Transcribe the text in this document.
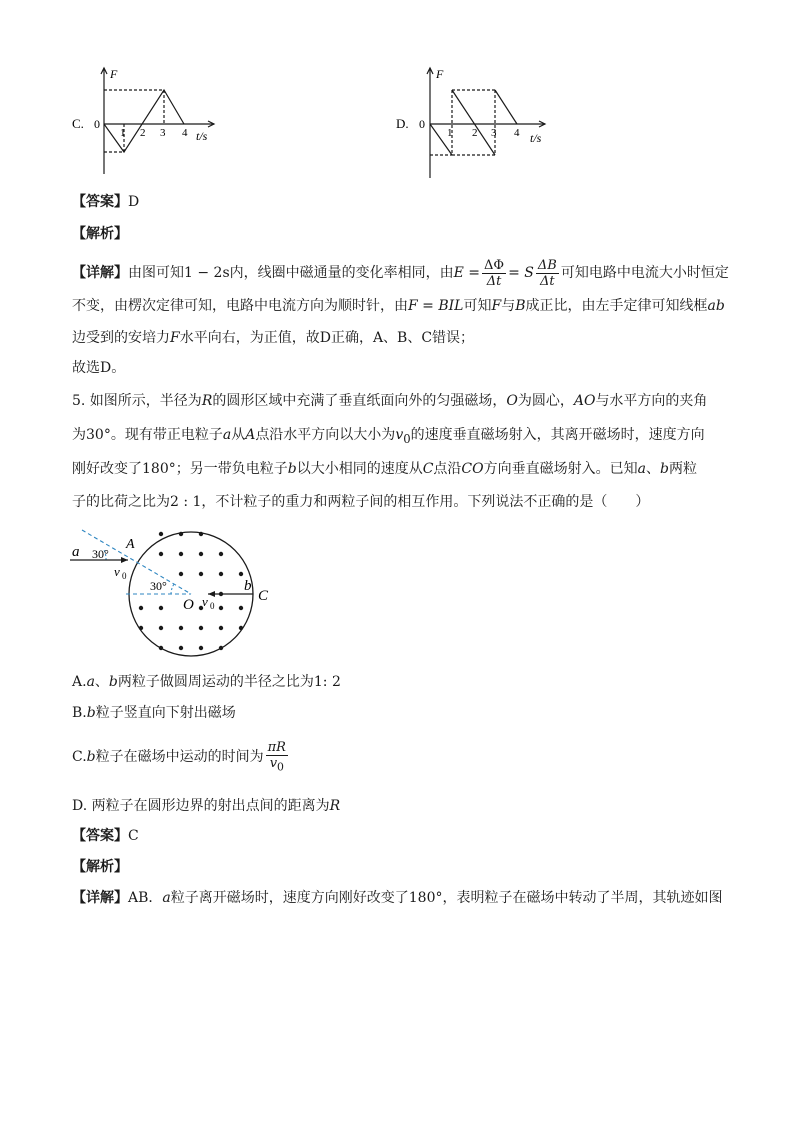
C.
F
0
1 2 3 4 t/s
D.
F
0
1 2 3 4 t/s
【答案】D
【解析】
【详解】由图可知1 − 2s内，线圈中磁通量的变化率相同，由$E = \frac{\Delta\Phi}{\Delta t} = S \frac{\Delta B}{\Delta t}$ 可知电路中电流大小时恒定
不变，由楞次定律可知，电路中电流方向为顺时针，由F = BIL可知F与B成正比，由左手定律可知线框ab
边受到的安培力F水平向右，为正值，故D正确，A、B、C错误；
故选D。
5. 如图所示，半径为R的圆形区域中充满了垂直纸面向外的匀强磁场，O为圆心，AO与水平方向的夹角
为30°。现有带正电粒子a从A点沿水平方向以大小为$v_0$的速度垂直磁场射入，其离开磁场时，速度方向
刚好改变了180°；另一带负电粒子b以大小相同的速度从C点沿CO方向垂直磁场射入。已知a、b两粒
子的比荷之比为2 : 1，不计粒子的重力和两粒子间的相互作用。下列说法不正确的是（　　）
a 30°
A
v 0
30°
O v 0
b
C
A.a、b两粒子做圆周运动的半径之比为1: 2
B.b粒子竖直向下射出磁场
C.b粒子在磁场中运动的时间为 $\frac{\pi R}{v_0}$
D. 两粒子在圆形边界的射出点间的距离为R
【答案】C
【解析】
【详解】AB．a粒子离开磁场时，速度方向刚好改变了180°，表明粒子在磁场中转动了半周，其轨迹如图
